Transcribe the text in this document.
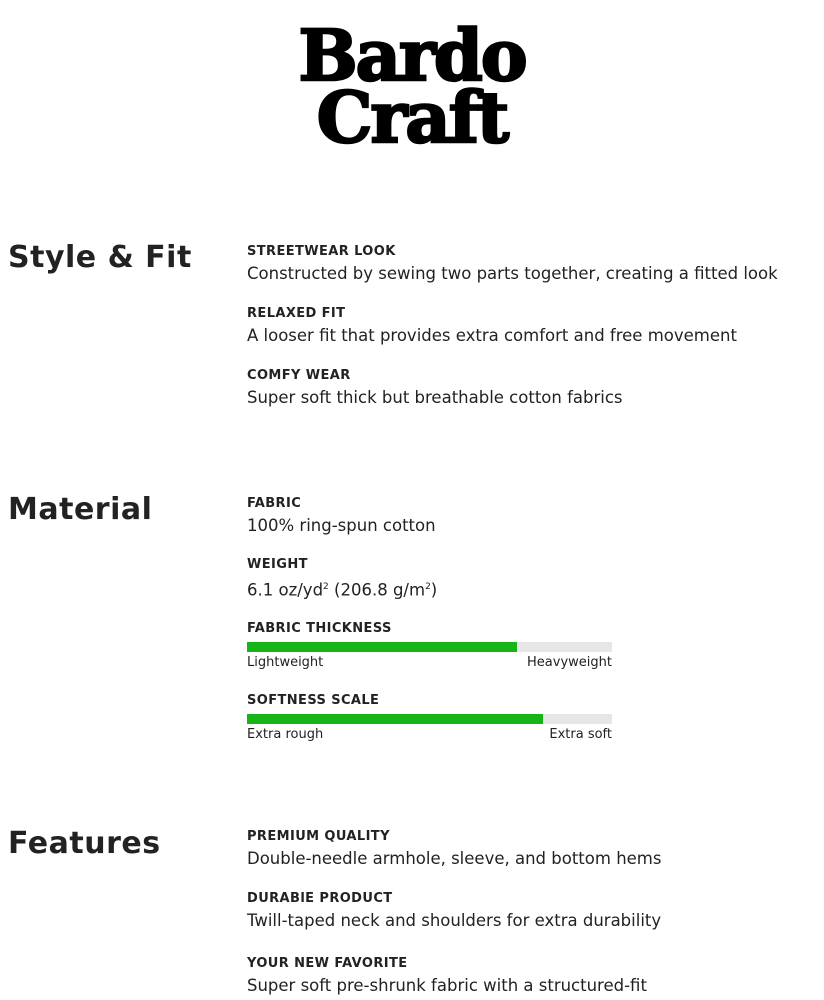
Bardo
Craft
Style & Fit	STREETWEAR LOOK
Constructed by sewing two parts together, creating a fitted look
RELAXED FIT
A looser fit that provides extra comfort and free movement
COMFY WEAR
Super soft thick but breathable cotton fabrics
Material	FABRIC
100% ring-spun cotton
WEIGHT
6.1 $oz/yd^2$ (206.8 $g/m^2$)
FABRIC THICKNESS
Lightweight	Heavyweight
SOFTNESS SCALE
Extra rough	Extra soft
Features	PREMIUM QUALITY
Double-needle armhole, sleeve, and bottom hems
DURABlE PRODUCT
Twill-taped neck and shoulders for extra durability
YOUR NEW FAVORITE
Super soft pre-shrunk fabric with a structured-fit
